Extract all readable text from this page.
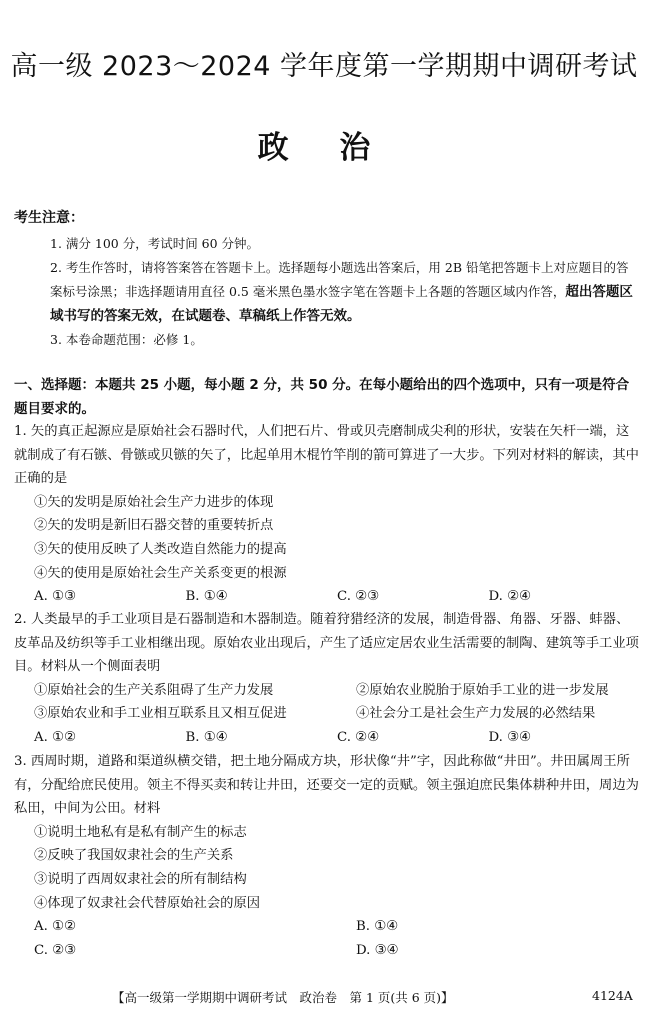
高一级 2023～2024 学年度第一学期期中调研考试
政 治
考生注意：
1. 满分 100 分，考试时间 60 分钟。
2. 考生作答时，请将答案答在答题卡上。选择题每小题选出答案后，用 2B 铅笔把答题卡上对应题目的答案标号涂黑；非选择题请用直径 0.5 毫米黑色墨水签字笔在答题卡上各题的答题区域内作答，超出答题区域书写的答案无效，在试题卷、草稿纸上作答无效。
3. 本卷命题范围：必修 1。
一、选择题：本题共 25 小题，每小题 2 分，共 50 分。在每小题给出的四个选项中，只有一项是符合题目要求的。

1. 矢的真正起源应是原始社会石器时代，人们把石片、骨或贝壳磨制成尖利的形状，安装在矢杆一端，这就制成了有石镞、骨镞或贝镞的矢了，比起单用木棍竹竿削的箭可算进了一大步。下列对材料的解读，其中正确的是

①矢的发明是原始社会生产力进步的体现

②矢的发明是新旧石器交替的重要转折点

③矢的使用反映了人类改造自然能力的提高

④矢的使用是原始社会生产关系变更的根源

A. ①③	B. ①④	C. ②③	D. ②④

2. 人类最早的手工业项目是石器制造和木器制造。随着狩猎经济的发展，制造骨器、角器、牙器、蚌器、皮革品及纺织等手工业相继出现。原始农业出现后，产生了适应定居农业生活需要的制陶、建筑等手工业项目。材料从一个侧面表明

①原始社会的生产关系阻碍了生产力发展	②原始农业脱胎于原始手工业的进一步发展
③原始农业和手工业相互联系且又相互促进	④社会分工是社会生产力发展的必然结果
A. ①②	B. ①④	C. ②④	D. ③④

3. 西周时期，道路和渠道纵横交错，把土地分隔成方块，形状像“井”字，因此称做“井田”。井田属周王所有，分配给庶民使用。领主不得买卖和转让井田，还要交一定的贡赋。领主强迫庶民集体耕种井田，周边为私田，中间为公田。材料

①说明土地私有是私有制产生的标志

②反映了我国奴隶社会的生产关系

③说明了西周奴隶社会的所有制结构

④体现了奴隶社会代替原始社会的原因

A. ①②	B. ①④
C. ②③	D. ③④
【高一级第一学期期中调研考试　政治卷　第 1 页(共 6 页)】	4124A
